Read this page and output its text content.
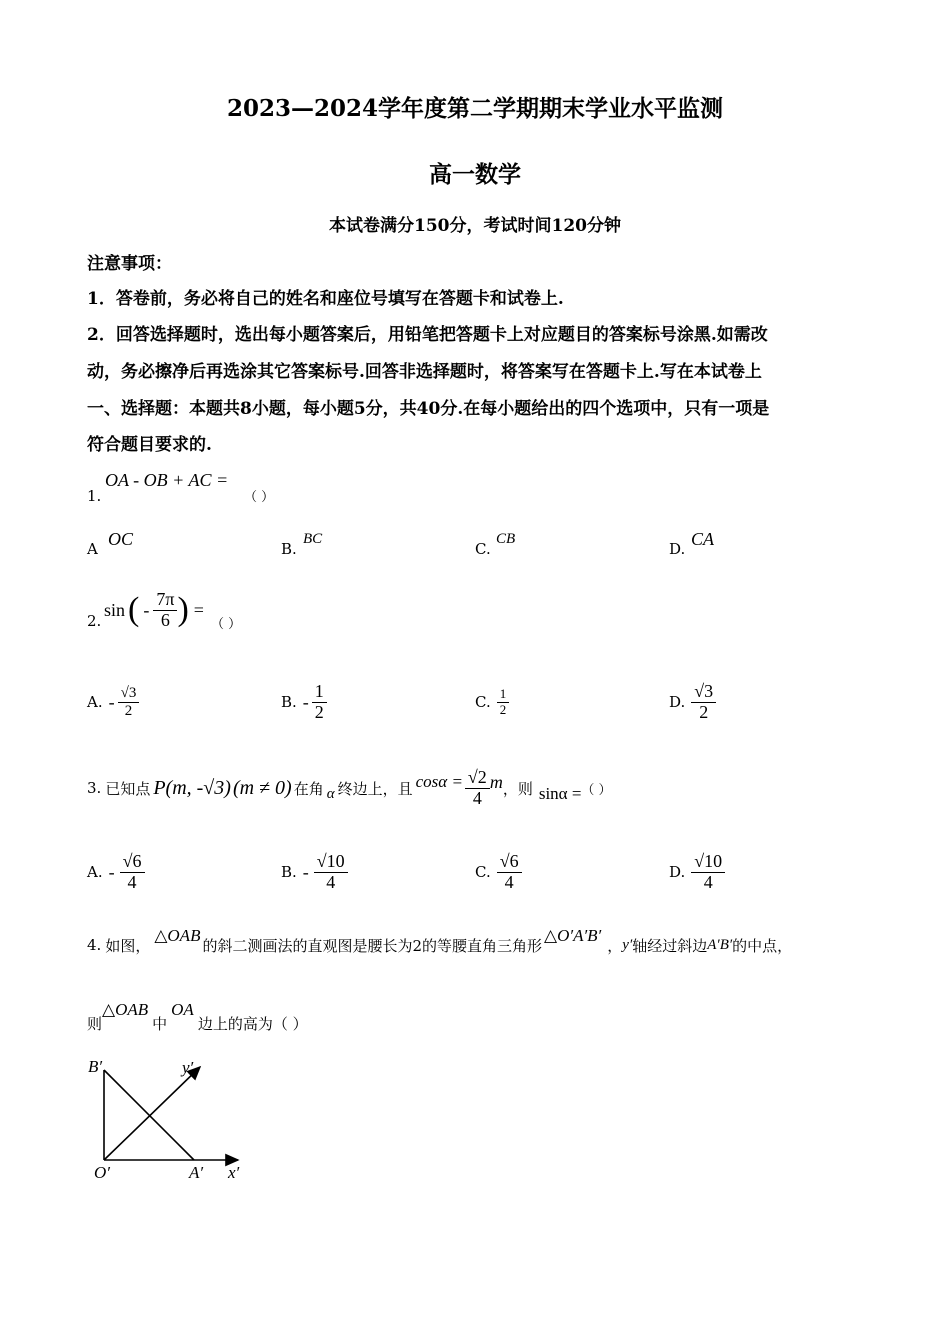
2023—2024学年度第二学期期末学业水平监测
高一数学
本试卷满分150分，考试时间120分钟
注意事项：
1．答卷前，务必将自己的姓名和座位号填写在答题卡和试卷上.
2．回答选择题时，选出每小题答案后，用铅笔把答题卡上对应题目的答案标号涂黑.如需改
动，务必擦净后再选涂其它答案标号.回答非选择题时，将答案写在答题卡上.写在本试卷上
一、选择题：本题共8小题，每小题5分，共40分.在每小题给出的四个选项中，只有一项是
符合题目要求的.
1.
OA - OB + AC =
（ ）
A OC	B.
BC
C.
CB
D. CA
2.
sin ( - $\frac{7\pi}{6}$ ) =
（ ）
A. - $\frac{√3}{2}$	B. - $\frac{1}{2}$	C. $\frac{1}{2}$	D. $\frac{√3}{2}$
3. 已知点 P(m, -√3) (m ≠ 0) 在角 α 终边上，且 $\cos\alpha = \frac{√2}{4}$ m ，则 sinα = （ ）
A. - $\frac{√6}{4}$	B. - $\frac{√10}{4}$	C. $\frac{√6}{4}$	D. $\frac{√10}{4}$
4. 如图，
△OAB
的斜二测画法的直观图是腰长为2的等腰直角三角形
△O′A′B′
， y′ 轴经过斜边 A′B′ 的中点，
则
△OAB
中
OA
边上的高为（ ）
B′	y′
O′	A′ x′
